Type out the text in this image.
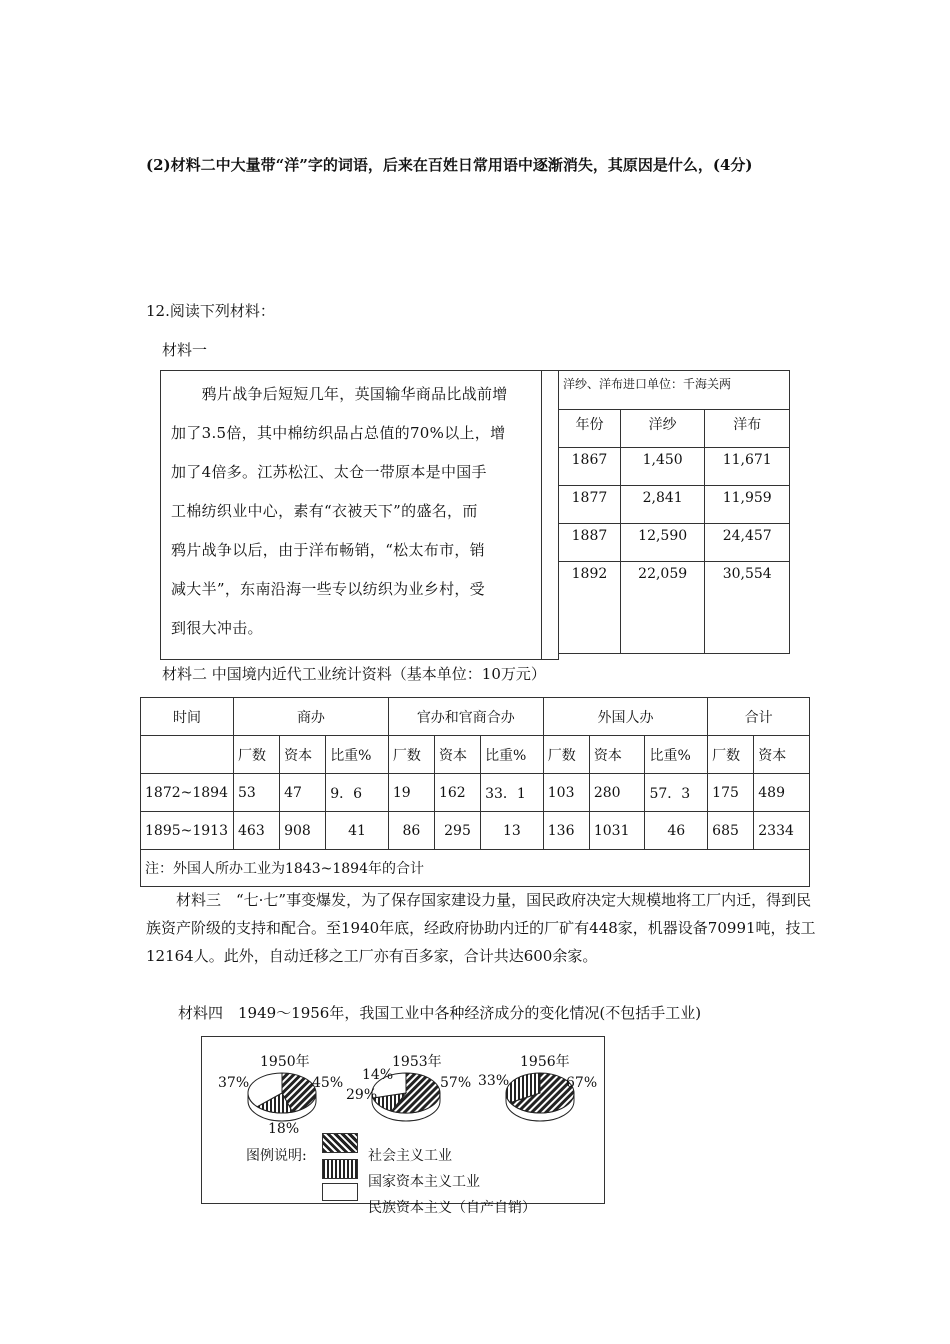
(2)材料二中大量带“洋”字的词语，后来在百姓日常用语中逐渐消失，其原因是什么，(4分)
12.阅读下列材料：
材料一

　　鸦片战争后短短几年，英国输华商品比战前增
加了3.5倍，其中棉纺织品占总值的70%以上，增
加了4倍多。江苏松江、太仓一带原本是中国手
工棉纺织业中心，素有“衣被天下”的盛名，而
鸦片战争以后，由于洋布畅销，“松太布市，销
减大半”，东南沿海一些专以纺织为业乡村，受
到很大冲击。

洋纱、洋布进口单位：千海关两		
年份	洋纱	洋布
1867	1,450	11,671
1877	2,841	11,959
1887	12,590	24,457
1892	22,059	30,554
材料二 中国境内近代工业统计资料（基本单位：10万元）
时间	商办			官办和官商合办			外国人办			合计	
	厂数	资本	比重%	厂数	资本	比重%	厂数	资本	比重%	厂数	资本
1872~1894	53	47	9．6	19	162	33．1	103	280	57．3	175	489
1895~1913	463	908	41	86	295	13	136	1031	46	685	2334
注：外国人所办工业为1843~1894年的合计											
材料三　“七·七”事变爆发，为了保存国家建设力量，国民政府决定大规模地将工厂内迁，得到民族资产阶级的支持和配合。至1940年底，经政府协助内迁的厂矿有448家，机器设备70991吨，技工12164人。此外，自动迁移之工厂亦有百多家，合计共达600余家。
材料四　1949～1956年，我国工业中各种经济成分的变化情况(不包括手工业)
1950年
45%
18%
37%
1953年
57%
14%
29%
1956年
67%
33%
图例说明:	社会主义工业
国家资本主义工业
民族资本主义（自产自销）
